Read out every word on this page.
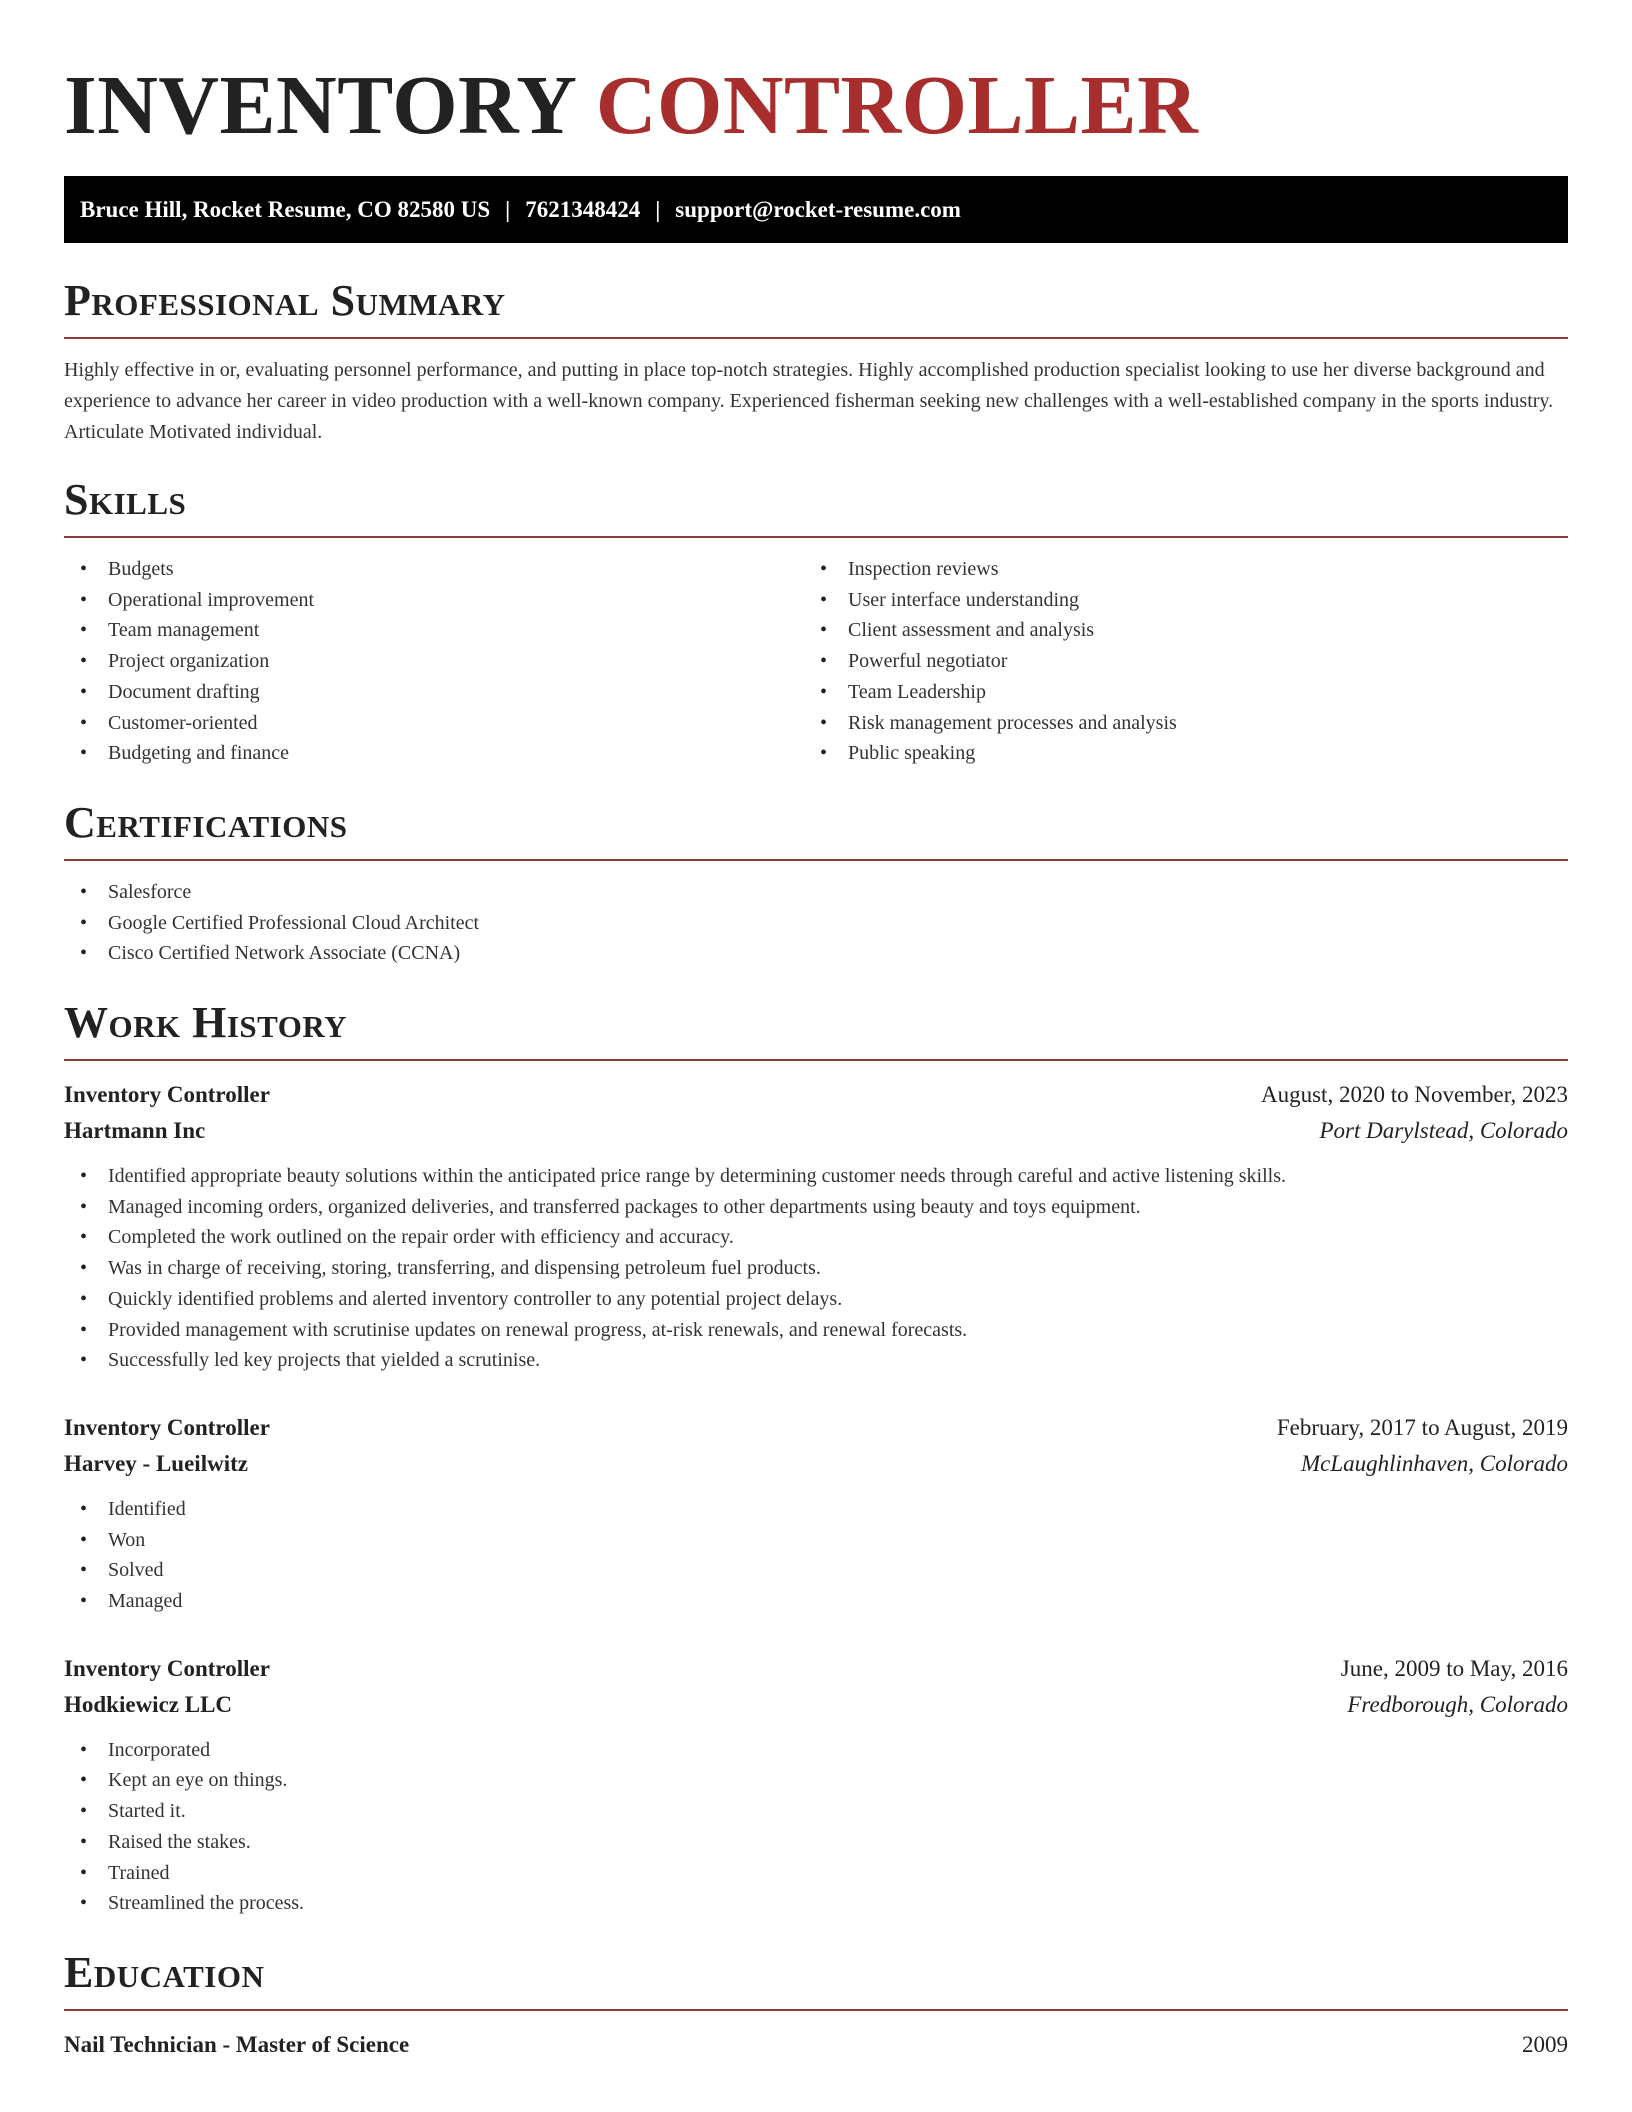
INVENTORY CONTROLLER
Bruce Hill, Rocket Resume, CO 82580 US | 7621348424 | support@rocket-resume.com
Professional Summary

Highly effective in or, evaluating personnel performance, and putting in place top-notch strategies. Highly accomplished production specialist looking to use her diverse background and experience to advance her career in video production with a well-known company. Experienced fisherman seeking new challenges with a well-established company in the sports industry. Articulate Motivated individual.

Skills
• Budgets
• Operational improvement
• Team management
• Project organization
• Document drafting
• Customer-oriented
• Budgeting and finance
• Inspection reviews
• User interface understanding
• Client assessment and analysis
• Powerful negotiator
• Team Leadership
• Risk management processes and analysis
• Public speaking
Certifications
• Salesforce
• Google Certified Professional Cloud Architect
• Cisco Certified Network Associate (CCNA)
Work History
Inventory Controller	August, 2020 to November, 2023
Hartmann Inc	Port Darylstead, Colorado
• Identified appropriate beauty solutions within the anticipated price range by determining customer needs through careful and active listening skills.
• Managed incoming orders, organized deliveries, and transferred packages to other departments using beauty and toys equipment.
• Completed the work outlined on the repair order with efficiency and accuracy.
• Was in charge of receiving, storing, transferring, and dispensing petroleum fuel products.
• Quickly identified problems and alerted inventory controller to any potential project delays.
• Provided management with scrutinise updates on renewal progress, at-risk renewals, and renewal forecasts.
• Successfully led key projects that yielded a scrutinise.
Inventory Controller	February, 2017 to August, 2019
Harvey - Lueilwitz	McLaughlinhaven, Colorado
• Identified
• Won
• Solved
• Managed
Inventory Controller	June, 2009 to May, 2016
Hodkiewicz LLC	Fredborough, Colorado
• Incorporated
• Kept an eye on things.
• Started it.
• Raised the stakes.
• Trained
• Streamlined the process.
Education
Nail Technician - Master of Science	2009
